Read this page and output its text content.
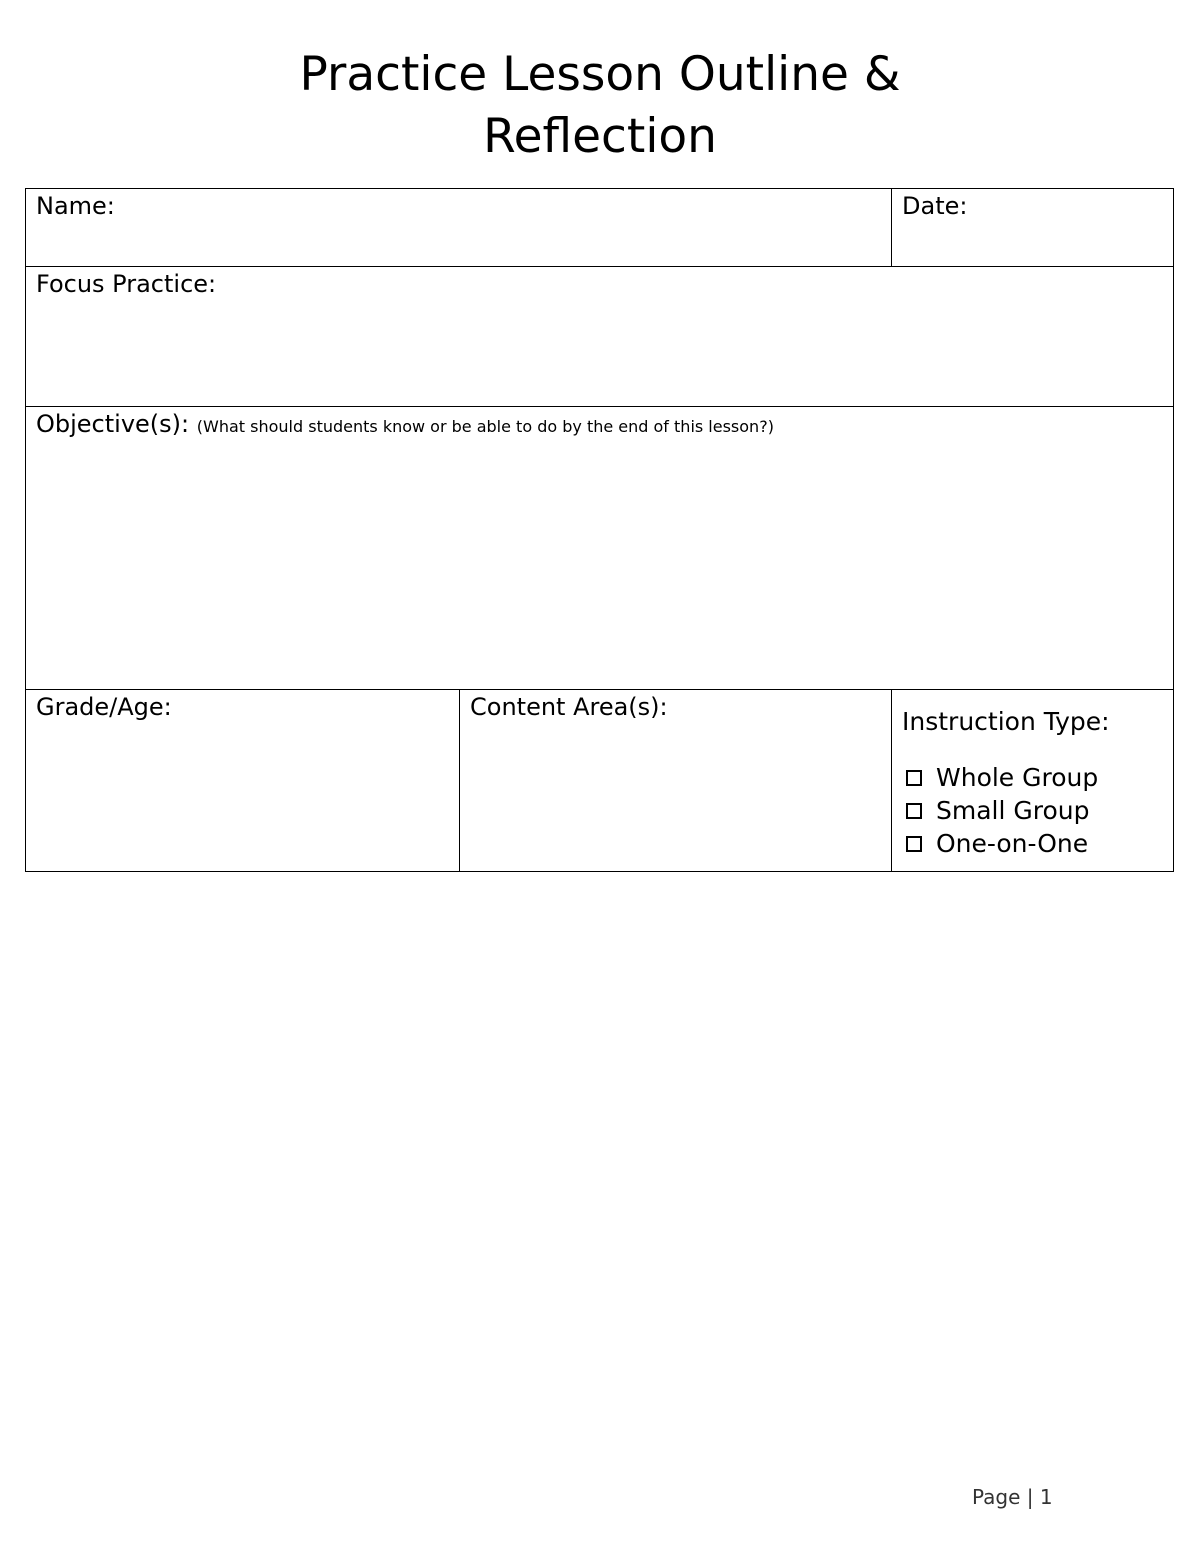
Practice Lesson Outline &
Reflection
Name:	Date:
Focus Practice:
Objective(s): (What should students know or be able to do by the end of this lesson?)
Grade/Age:	Content Area(s):	Instruction Type:
Whole Group
Small Group
One-on-One
Page | 1
